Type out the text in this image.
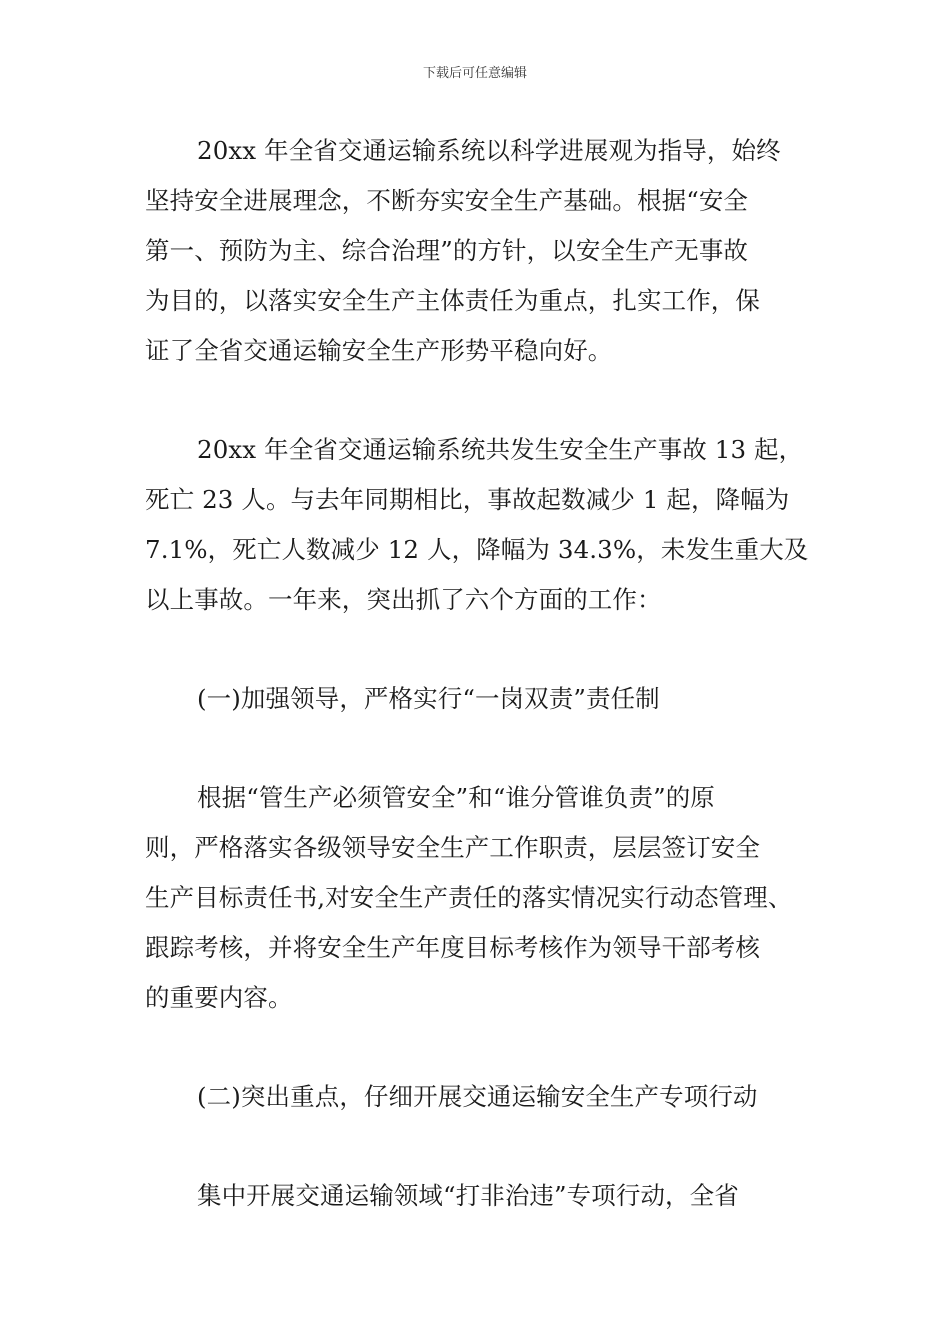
下载后可任意编辑

20xx 年全省交通运输系统以科学进展观为指导，始终
坚持安全进展理念，不断夯实安全生产基础。根据“安全
第一、预防为主、综合治理”的方针，以安全生产无事故
为目的，以落实安全生产主体责任为重点，扎实工作，保
证了全省交通运输安全生产形势平稳向好。

20xx 年全省交通运输系统共发生安全生产事故 13 起，
死亡 23 人。与去年同期相比，事故起数减少 1 起，降幅为
7.1%，死亡人数减少 12 人，降幅为 34.3%，未发生重大及
以上事故。一年来，突出抓了六个方面的工作：

(一)加强领导，严格实行“一岗双责”责任制

根据“管生产必须管安全”和“谁分管谁负责”的原
则，严格落实各级领导安全生产工作职责，层层签订安全
生产目标责任书,对安全生产责任的落实情况实行动态管理、
跟踪考核，并将安全生产年度目标考核作为领导干部考核
的重要内容。

(二)突出重点，仔细开展交通运输安全生产专项行动

集中开展交通运输领域“打非治违”专项行动，全省
